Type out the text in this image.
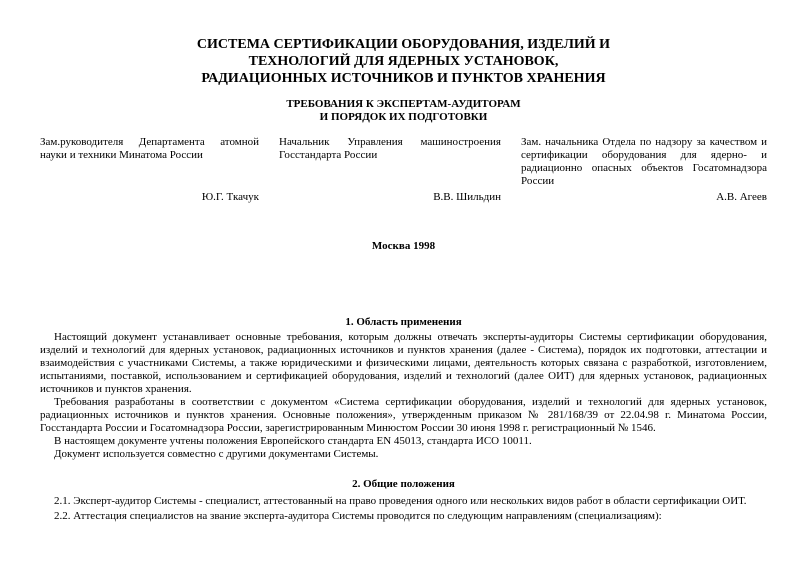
СИСТЕМА СЕРТИФИКАЦИИ ОБОРУДОВАНИЯ, ИЗДЕЛИЙ И
ТЕХНОЛОГИЙ ДЛЯ ЯДЕРНЫХ УСТАНОВОК,
РАДИАЦИОННЫХ ИСТОЧНИКОВ И ПУНКТОВ ХРАНЕНИЯ
ТРЕБОВАНИЯ К ЭКСПЕРТАМ-АУДИТОРАМ
И ПОРЯДОК ИХ ПОДГОТОВКИ
Зам.руководителя Департамента атомной науки и техники Минатома России
Начальник Управления машиностроения Госстандарта России
Зам. начальника Отдела по надзору за качеством и сертификации оборудования для ядерно- и радиационно опасных объектов Госатомнадзора России
Ю.Г. Ткачук	В.В. Шильдин	А.В. Агеев
Москва 1998
1. Область применения

Настоящий документ устанавливает основные требования, которым должны отвечать эксперты-аудиторы Системы сертификации оборудования, изделий и технологий для ядерных установок, радиационных источников и пунктов хранения (далее - Система), порядок их подготовки, аттестации и взаимодействия с участниками Системы, а также юридическими и физическими лицами, деятельность которых связана с разработкой, изготовлением, испытаниями, поставкой, использованием и сертификацией оборудования, изделий и технологий (далее ОИТ) для ядерных установок, радиационных источников и пунктов хранения.

Требования разработаны в соответствии с документом «Система сертификации оборудования, изделий и технологий для ядерных установок, радиационных источников и пунктов хранения. Основные положения», утвержденным приказом № 281/168/39 от 22.04.98 г. Минатома России, Госстандарта России и Госатомнадзора России, зарегистрированным Минюстом России 30 июня 1998 г. регистрационный № 1546.

В настоящем документе учтены положения Европейского стандарта EN 45013, стандарта ИСО 10011.

Документ используется совместно с другими документами Системы.

2. Общие положения

2.1. Эксперт-аудитор Системы - специалист, аттестованный на право проведения одного или нескольких видов работ в области сертификации ОИТ.

2.2. Аттестация специалистов на звание эксперта-аудитора Системы проводится по следующим направлениям (специализациям):
